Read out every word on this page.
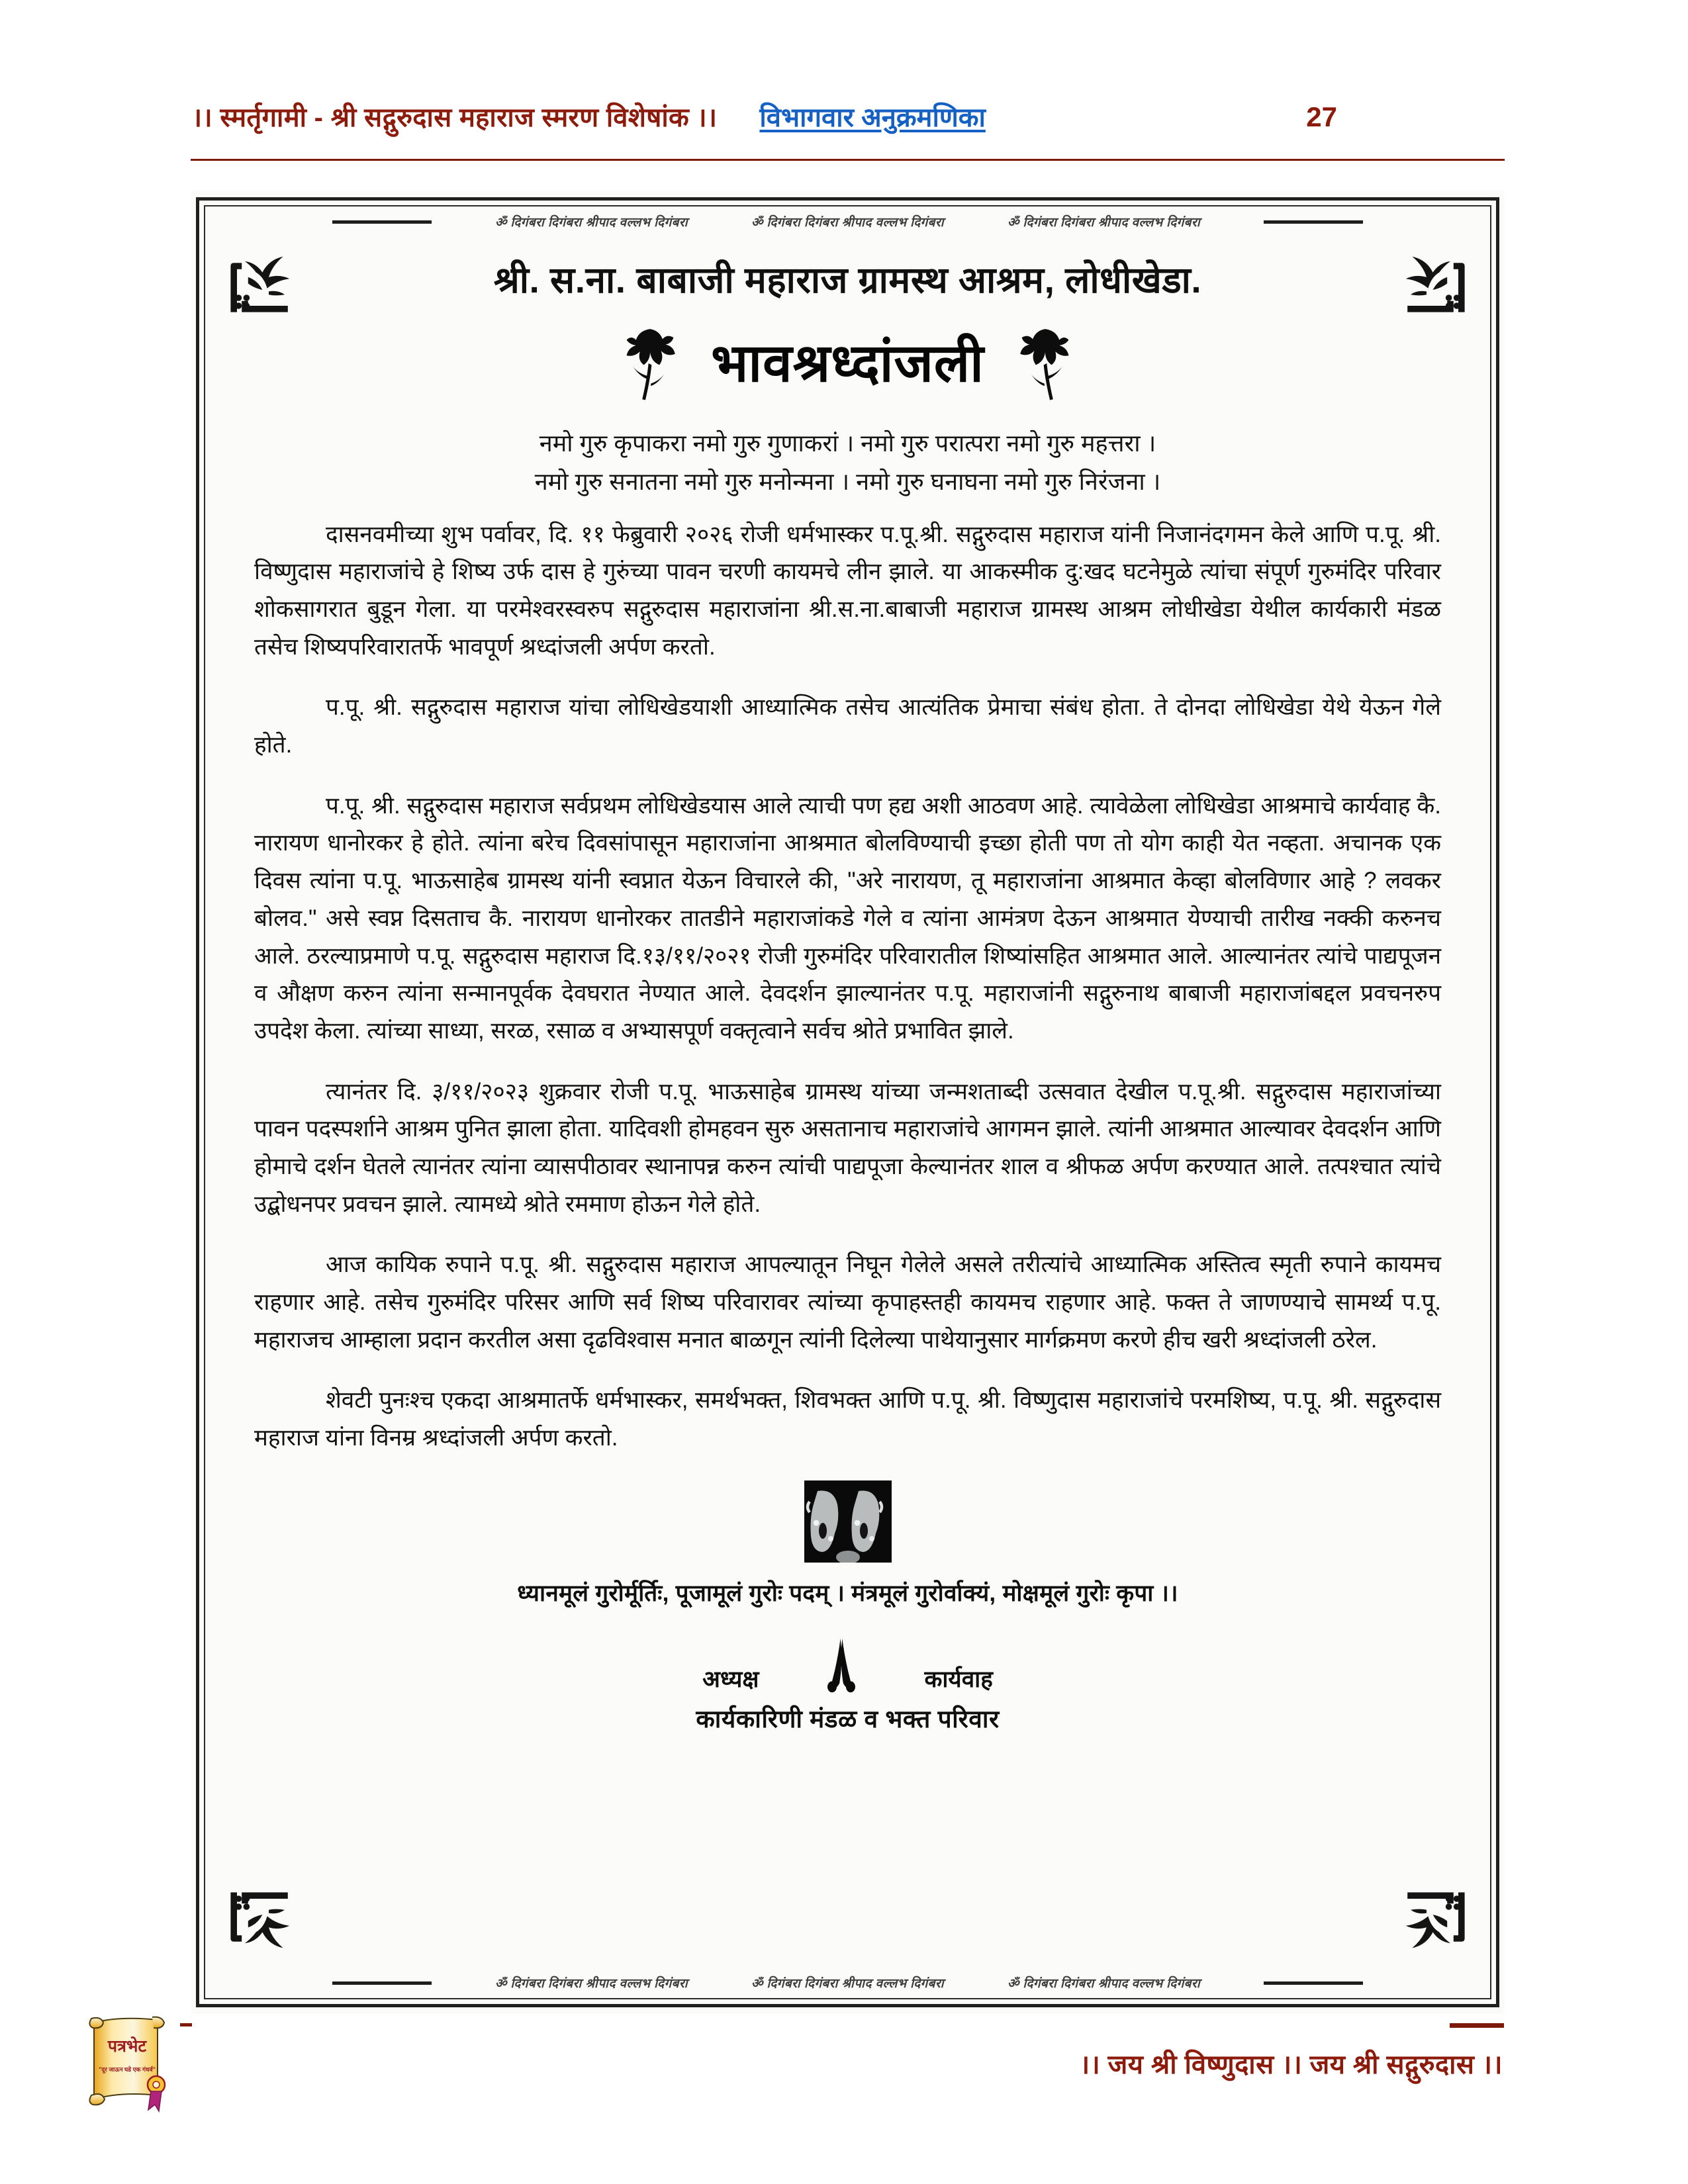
।। स्मर्तृगामी - श्री सद्गुरुदास महाराज स्मरण विशेषांक ।। विभागवार अनुक्रमणिका	27
ॐ दिगंबरा दिगंबरा श्रीपाद वल्लभ दिगंबरा	ॐ दिगंबरा दिगंबरा श्रीपाद वल्लभ दिगंबरा	ॐ दिगंबरा दिगंबरा श्रीपाद वल्लभ दिगंबरा
ॐ दिगंबरा दिगंबरा श्रीपाद वल्लभ दिगंबरा	ॐ दिगंबरा दिगंबरा श्रीपाद वल्लभ दिगंबरा	ॐ दिगंबरा दिगंबरा श्रीपाद वल्लभ दिगंबरा
श्री. स.ना. बाबाजी महाराज ग्रामस्थ आश्रम, लोधीखेडा.
भावश्रध्दांजली
नमो गुरु कृपाकरा नमो गुरु गुणाकरां । नमो गुरु परात्परा नमो गुरु महत्तरा ।
नमो गुरु सनातना नमो गुरु मनोन्मना । नमो गुरु घनाघना नमो गुरु निरंजना ।

दासनवमीच्या शुभ पर्वावर, दि. ११ फेब्रुवारी २०२६ रोजी धर्मभास्कर प.पू.श्री. सद्गुरुदास महाराज यांनी निजानंदगमन केले आणि प.पू. श्री. विष्णुदास महाराजांचे हे शिष्य उर्फ दास हे गुरुंच्या पावन चरणी कायमचे लीन झाले. या आकस्मीक दु:खद घटनेमुळे त्यांचा संपूर्ण गुरुमंदिर परिवार शोकसागरात बुडून गेला. या परमेश्वरस्वरुप सद्गुरुदास महाराजांना श्री.स.ना.बाबाजी महाराज ग्रामस्थ आश्रम लोधीखेडा येथील कार्यकारी मंडळ तसेच शिष्यपरिवारातर्फे भावपूर्ण श्रध्दांजली अर्पण करतो.

प.पू. श्री. सद्गुरुदास महाराज यांचा लोधिखेडयाशी आध्यात्मिक तसेच आत्यंतिक प्रेमाचा संबंध होता. ते दोनदा लोधिखेडा येथे येऊन गेले होते.

प.पू. श्री. सद्गुरुदास महाराज सर्वप्रथम लोधिखेडयास आले त्याची पण हद्य अशी आठवण आहे. त्यावेळेला लोधिखेडा आश्रमाचे कार्यवाह कै. नारायण धानोरकर हे होते. त्यांना बरेच दिवसांपासून महाराजांना आश्रमात बोलविण्याची इच्छा होती पण तो योग काही येत नव्हता. अचानक एक दिवस त्यांना प.पू. भाऊसाहेब ग्रामस्थ यांनी स्वप्नात येऊन विचारले की, "अरे नारायण, तू महाराजांना आश्रमात केव्हा बोलविणार आहे ? लवकर बोलव." असे स्वप्न दिसताच कै. नारायण धानोरकर तातडीने महाराजांकडे गेले व त्यांना आमंत्रण देऊन आश्रमात येण्याची तारीख नक्की करुनच आले. ठरल्याप्रमाणे प.पू. सद्गुरुदास महाराज दि.१३/११/२०२१ रोजी गुरुमंदिर परिवारातील शिष्यांसहित आश्रमात आले. आल्यानंतर त्यांचे पाद्यपूजन व औक्षण करुन त्यांना सन्मानपूर्वक देवघरात नेण्यात आले. देवदर्शन झाल्यानंतर प.पू. महाराजांनी सद्गुरुनाथ बाबाजी महाराजांबद्दल प्रवचनरुप उपदेश केला. त्यांच्या साध्या, सरळ, रसाळ व अभ्यासपूर्ण वक्तृत्वाने सर्वच श्रोते प्रभावित झाले.

त्यानंतर दि. ३/११/२०२३ शुक्रवार रोजी प.पू. भाऊसाहेब ग्रामस्थ यांच्या जन्मशताब्दी उत्सवात देखील प.पू.श्री. सद्गुरुदास महाराजांच्या पावन पदस्पर्शाने आश्रम पुनित झाला होता. यादिवशी होमहवन सुरु असतानाच महाराजांचे आगमन झाले. त्यांनी आश्रमात आल्यावर देवदर्शन आणि होमाचे दर्शन घेतले त्यानंतर त्यांना व्यासपीठावर स्थानापन्न करुन त्यांची पाद्यपूजा केल्यानंतर शाल व श्रीफळ अर्पण करण्यात आले. तत्पश्चात त्यांचे उद्बोधनपर प्रवचन झाले. त्यामध्ये श्रोते रममाण होऊन गेले होते.

आज कायिक रुपाने प.पू. श्री. सद्गुरुदास महाराज आपल्यातून निघून गेलेले असले तरीत्यांचे आध्यात्मिक अस्तित्व स्मृती रुपाने कायमच राहणार आहे. तसेच गुरुमंदिर परिसर आणि सर्व शिष्य परिवारावर त्यांच्या कृपाहस्तही कायमच राहणार आहे. फक्त ते जाणण्याचे सामर्थ्य प.पू. महाराजच आम्हाला प्रदान करतील असा दृढविश्वास मनात बाळगून त्यांनी दिलेल्या पाथेयानुसार मार्गक्रमण करणे हीच खरी श्रध्दांजली ठरेल.

शेवटी पुनःश्च एकदा आश्रमातर्फे धर्मभास्कर, समर्थभक्त, शिवभक्त आणि प.पू. श्री. विष्णुदास महाराजांचे परमशिष्य, प.पू. श्री. सद्गुरुदास महाराज यांना विनम्र श्रध्दांजली अर्पण करतो.

ध्यानमूलं गुरोर्मूर्तिः, पूजामूलं गुरोः पदम् । मंत्रमूलं गुरोर्वाक्यं, मोक्षमूलं गुरोः कृपा ।।
अध्यक्ष	कार्यवाह
कार्यकारिणी मंडळ व भक्त परिवार
।। जय श्री विष्णुदास ।। जय श्री सद्गुरुदास ।।
पत्रभेट
"दूर जाऊन घडे एक गंधर्व"
